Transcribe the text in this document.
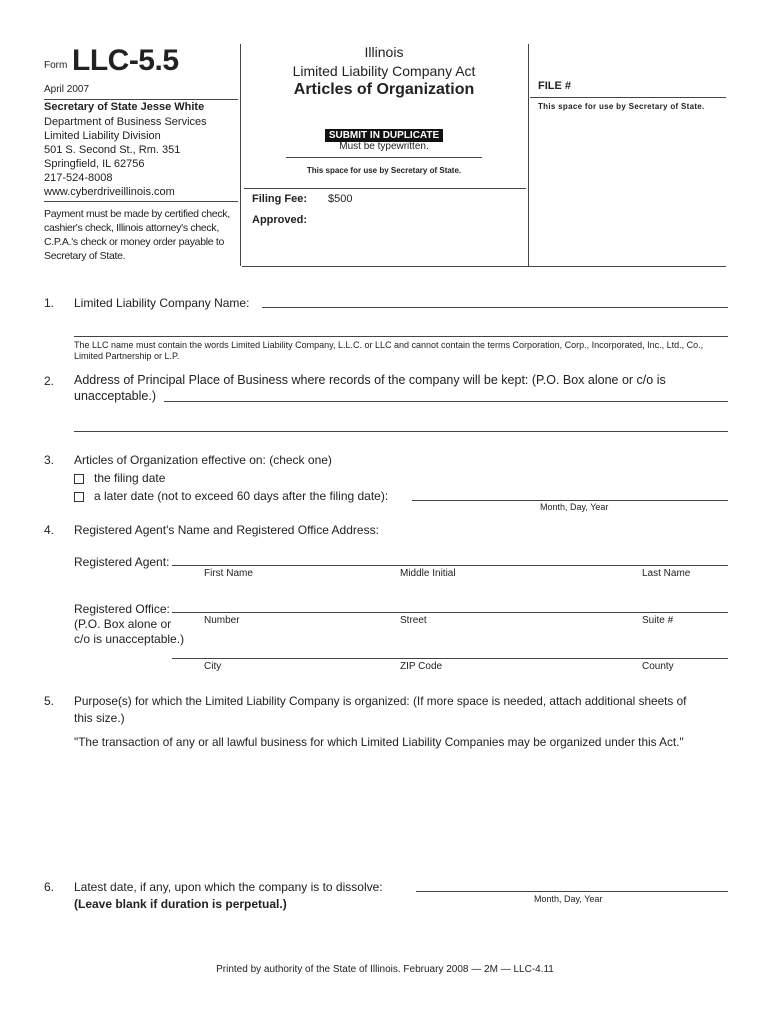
Form LLC-5.5
April 2007
Secretary of State Jesse White
Department of Business Services
Limited Liability Division
501 S. Second St., Rm. 351
Springfield, IL 62756
217-524-8008
www.cyberdriveillinois.com
Payment must be made by certified check,
cashier's check, Illinois attorney's check,
C.P.A.'s check or money order payable to
Secretary of State.
Illinois
Limited Liability Company Act
Articles of Organization
SUBMIT IN DUPLICATE
Must be typewritten.
This space for use by Secretary of State.
Filing Fee: $500
Approved:
FILE #
This space for use by Secretary of State.
1. Limited Liability Company Name:
The LLC name must contain the words Limited Liability Company, L.L.C. or LLC and cannot contain the terms Corporation, Corp., Incorporated, Inc., Ltd., Co.,
Limited Partnership or L.P.
2. Address of Principal Place of Business where records of the company will be kept: (P.O. Box alone or c/o is
unacceptable.)
3. Articles of Organization effective on: (check one)
the filing date
a later date (not to exceed 60 days after the filing date):
Month, Day, Year
4. Registered Agent's Name and Registered Office Address:
Registered Agent:
First Name	Middle Initial	Last Name
Registered Office:
Number	Street	Suite #
(P.O. Box alone or
c/o is unacceptable.)
City	ZIP Code	County
5. Purpose(s) for which the Limited Liability Company is organized: (If more space is needed, attach additional sheets of
this size.)
"The transaction of any or all lawful business for which Limited Liability Companies may be organized under this Act."
6. Latest date, if any, upon which the company is to dissolve:
Month, Day, Year
(Leave blank if duration is perpetual.)
Printed by authority of the State of Illinois. February 2008 — 2M — LLC-4.11
